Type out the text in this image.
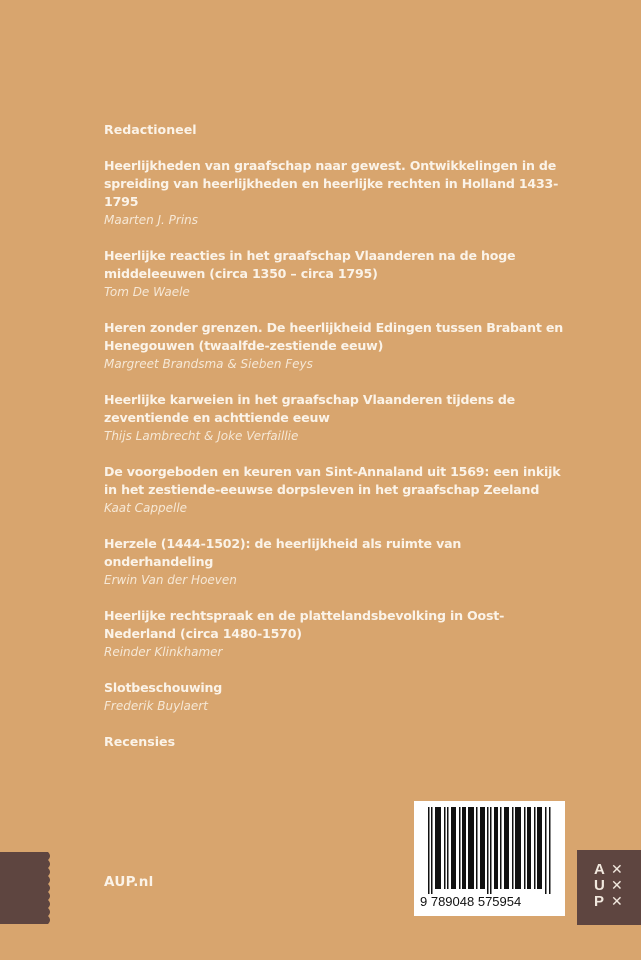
Redactioneel
Heerlijkheden van graafschap naar gewest. Ontwikkelingen in de spreiding van heerlijkheden en heerlijke rechten in Holland 1433-1795
Maarten J. Prins
Heerlijke reacties in het graafschap Vlaanderen na de hoge middeleeuwen (circa 1350 – circa 1795)
Tom De Waele
Heren zonder grenzen. De heerlijkheid Edingen tussen Brabant en Henegouwen (twaalfde-zestiende eeuw)
Margreet Brandsma & Sieben Feys
Heerlijke karweien in het graafschap Vlaanderen tijdens de zeventiende en achttiende eeuw
Thijs Lambrecht & Joke Verfaillie
De voorgeboden en keuren van Sint-Annaland uit 1569: een inkijk in het zestiende-eeuwse dorpsleven in het graafschap Zeeland
Kaat Cappelle
Herzele (1444-1502): de heerlijkheid als ruimte van onderhandeling
Erwin Van der Hoeven
Heerlijke rechtspraak en de plattelandsbevolking in Oost-Nederland (circa 1480-1570)
Reinder Klinkhamer
Slotbeschouwing
Frederik Buylaert
Recensies
AUP.nl
9 789048 575954
A
U
P
✕
✕
✕
